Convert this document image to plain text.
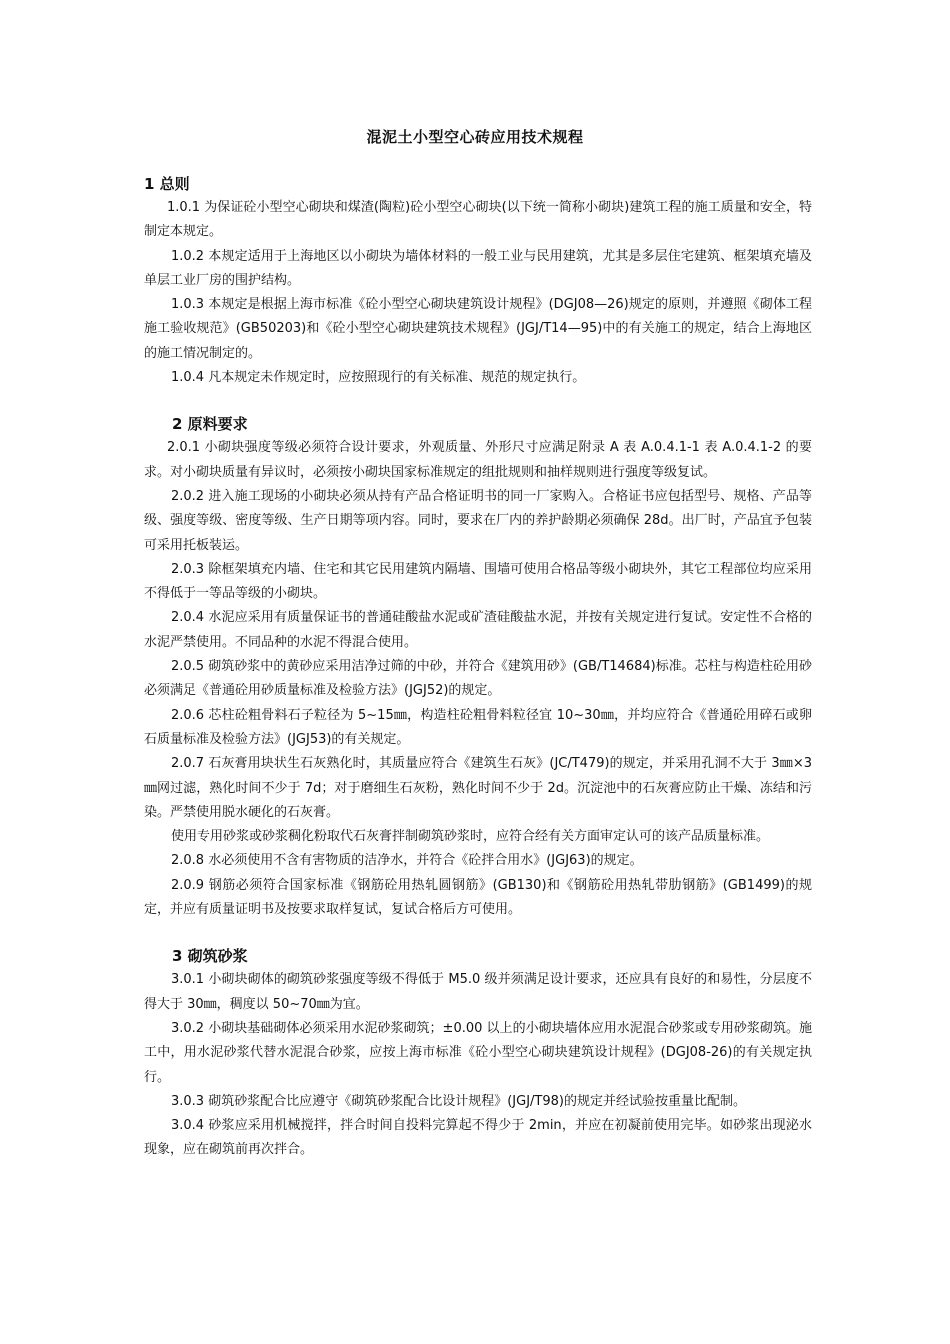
混泥土小型空心砖应用技术规程

1 总则

1.0.1 为保证砼小型空心砌块和煤渣(陶粒)砼小型空心砌块(以下统一简称小砌块)建筑工程的施工质量和安全，特制定本规定。

1.0.2 本规定适用于上海地区以小砌块为墙体材料的一般工业与民用建筑，尤其是多层住宅建筑、框架填充墙及单层工业厂房的围护结构。

1.0.3 本规定是根据上海市标准《砼小型空心砌块建筑设计规程》(DGJ08—26)规定的原则，并遵照《砌体工程施工验收规范》(GB50203)和《砼小型空心砌块建筑技术规程》(JGJ/T14—95)中的有关施工的规定，结合上海地区的施工情况制定的。

1.0.4 凡本规定未作规定时，应按照现行的有关标准、规范的规定执行。

2 原料要求

2.0.1 小砌块强度等级必须符合设计要求，外观质量、外形尺寸应满足附录 A 表 A.0.4.1-1 表 A.0.4.1-2 的要求。对小砌块质量有异议时，必须按小砌块国家标准规定的组批规则和抽样规则进行强度等级复试。

2.0.2 进入施工现场的小砌块必须从持有产品合格证明书的同一厂家购入。合格证书应包括型号、规格、产品等级、强度等级、密度等级、生产日期等项内容。同时，要求在厂内的养护龄期必须确保 28d。出厂时，产品宜予包装可采用托板装运。

2.0.3 除框架填充内墙、住宅和其它民用建筑内隔墙、围墙可使用合格品等级小砌块外，其它工程部位均应采用不得低于一等品等级的小砌块。

2.0.4 水泥应采用有质量保证书的普通硅酸盐水泥或矿渣硅酸盐水泥，并按有关规定进行复试。安定性不合格的水泥严禁使用。不同品种的水泥不得混合使用。

2.0.5 砌筑砂浆中的黄砂应采用洁净过筛的中砂，并符合《建筑用砂》(GB/T14684)标准。芯柱与构造柱砼用砂必须满足《普通砼用砂质量标准及检验方法》(JGJ52)的规定。

2.0.6 芯柱砼粗骨料石子粒径为 5~15㎜，构造柱砼粗骨料粒径宜 10~30㎜，并均应符合《普通砼用碎石或卵石质量标准及检验方法》(JGJ53)的有关规定。

2.0.7 石灰膏用块状生石灰熟化时，其质量应符合《建筑生石灰》(JC/T479)的规定，并采用孔洞不大于 3㎜×3㎜网过滤，熟化时间不少于 7d；对于磨细生石灰粉，熟化时间不少于 2d。沉淀池中的石灰膏应防止干燥、冻结和污染。严禁使用脱水硬化的石灰膏。

使用专用砂浆或砂浆稠化粉取代石灰膏拌制砌筑砂浆时，应符合经有关方面审定认可的该产品质量标准。

2.0.8 水必须使用不含有害物质的洁净水，并符合《砼拌合用水》(JGJ63)的规定。

2.0.9 钢筋必须符合国家标准《钢筋砼用热轧圆钢筋》(GB130)和《钢筋砼用热轧带肋钢筋》(GB1499)的规定，并应有质量证明书及按要求取样复试，复试合格后方可使用。

3 砌筑砂浆

3.0.1 小砌块砌体的砌筑砂浆强度等级不得低于 M5.0 级并须满足设计要求，还应具有良好的和易性，分层度不得大于 30㎜，稠度以 50~70㎜为宜。

3.0.2 小砌块基础砌体必须采用水泥砂浆砌筑；±0.00 以上的小砌块墙体应用水泥混合砂浆或专用砂浆砌筑。施工中，用水泥砂浆代替水泥混合砂浆，应按上海市标准《砼小型空心砌块建筑设计规程》(DGJ08-26)的有关规定执行。

3.0.3 砌筑砂浆配合比应遵守《砌筑砂浆配合比设计规程》(JGJ/T98)的规定并经试验按重量比配制。

3.0.4 砂浆应采用机械搅拌，拌合时间自投料完算起不得少于 2min，并应在初凝前使用完毕。如砂浆出现泌水现象，应在砌筑前再次拌合。
